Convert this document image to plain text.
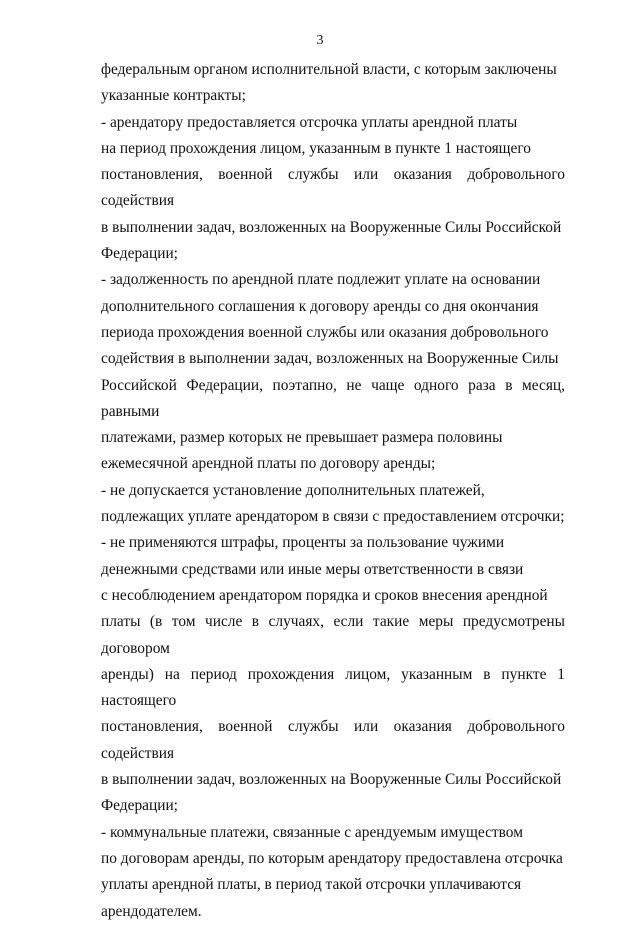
3

федеральным органом исполнительной власти, с которым заключены
указанные контракты;

- арендатору предоставляется отсрочка уплаты арендной платы
на период прохождения лицом, указанным в пункте 1 настоящего
постановления, военной службы или оказания добровольного содействия
в выполнении задач, возложенных на Вооруженные Силы Российской
Федерации;

- задолженность по арендной плате подлежит уплате на основании
дополнительного соглашения к договору аренды со дня окончания
периода прохождения военной службы или оказания добровольного
содействия в выполнении задач, возложенных на Вооруженные Силы
Российской Федерации, поэтапно, не чаще одного раза в месяц, равными
платежами, размер которых не превышает размера половины
ежемесячной арендной платы по договору аренды;

- не допускается установление дополнительных платежей,
подлежащих уплате арендатором в связи с предоставлением отсрочки;

- не применяются штрафы, проценты за пользование чужими
денежными средствами или иные меры ответственности в связи
с несоблюдением арендатором порядка и сроков внесения арендной
платы (в том числе в случаях, если такие меры предусмотрены договором
аренды) на период прохождения лицом, указанным в пункте 1 настоящего
постановления, военной службы или оказания добровольного содействия
в выполнении задач, возложенных на Вооруженные Силы Российской
Федерации;

- коммунальные платежи, связанные с арендуемым имуществом
по договорам аренды, по которым арендатору предоставлена отсрочка
уплаты арендной платы, в период такой отсрочки уплачиваются
арендодателем.
